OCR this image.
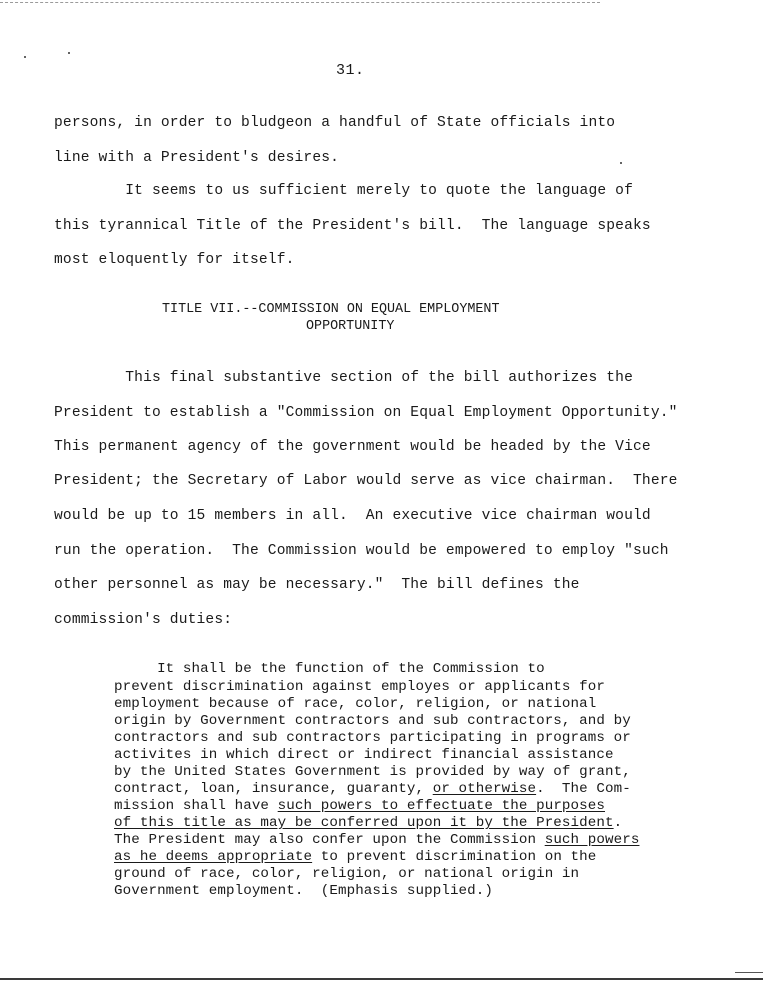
31.
persons, in order to bludgeon a handful of State officials into
line with a President's desires.
It seems to us sufficient merely to quote the language of
this tyrannical Title of the President's bill.  The language speaks
most eloquently for itself.
TITLE VII.--COMMISSION ON EQUAL EMPLOYMENT
OPPORTUNITY
This final substantive section of the bill authorizes the
President to establish a "Commission on Equal Employment Opportunity."
This permanent agency of the government would be headed by the Vice
President; the Secretary of Labor would serve as vice chairman.  There
would be up to 15 members in all.  An executive vice chairman would
run the operation.  The Commission would be empowered to employ "such
other personnel as may be necessary."  The bill defines the
commission's duties:
It shall be the function of the Commission to
prevent discrimination against employes or applicants for
employment because of race, color, religion, or national
origin by Government contractors and sub contractors, and by
contractors and sub contractors participating in programs or
activites in which direct or indirect financial assistance
by the United States Government is provided by way of grant,
contract, loan, insurance, guaranty, or otherwise.  The Com-
mission shall have such powers to effectuate the purposes
of this title as may be conferred upon it by the President.
The President may also confer upon the Commission such powers
as he deems appropriate to prevent discrimination on the
ground of race, color, religion, or national origin in
Government employment.  (Emphasis supplied.)
